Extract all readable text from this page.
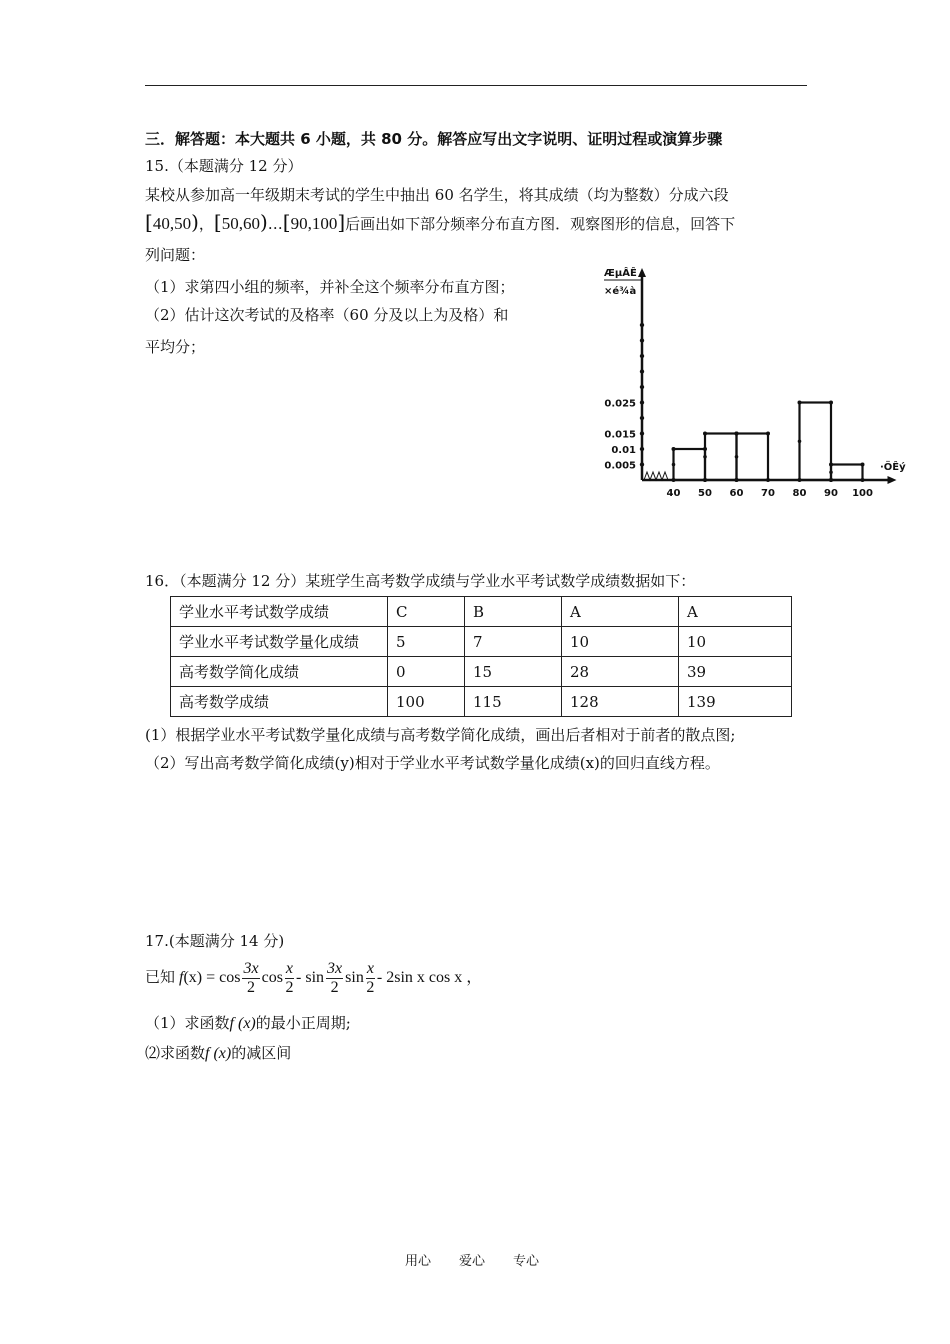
三．解答题：本大题共 6 小题，共 80 分。解答应写出文字说明、证明过程或演算步骤
15.（本题满分 12 分）
某校从参加高一年级期末考试的学生中抽出 60 名学生，将其成绩（均为整数）分成六段
[40,50)，[50,60)…[90,100]后画出如下部分频率分布直方图．观察图形的信息，回答下
列问题：
（1）求第四小组的频率，并补全这个频率分布直方图；
（2）估计这次考试的及格率（60 分及以上为及格）和
平均分；
ÆµÂÊ
×é¾à
·ÖÊý
0.025
0.015
0.01
0.005
40 50 60 70 80 90 100
16．（本题满分 12 分）某班学生高考数学成绩与学业水平考试数学成绩数据如下：
学业水平考试数学成绩	C	B	A	A
学业水平考试数学量化成绩	5	7	10	10
高考数学简化成绩	0	15	28	39
高考数学成绩	100	115	128	139
(1）根据学业水平考试数学量化成绩与高考数学简化成绩，画出后者相对于前者的散点图;
（2）写出高考数学简化成绩(y)相对于学业水平考试数学量化成绩(x)的回归直线方程。
17.(本题满分 14 分)
已知 $f(x) = \cos \frac{3x}{2}$ $\cos \frac{x}{2}$ - $\sin \frac{3x}{2}$ $\sin \frac{x}{2} - 2\sin$ x cos x ，
（1）求函数f (x)的最小正周期;
⑵求函数f (x)的减区间
用心 爱心 专心
